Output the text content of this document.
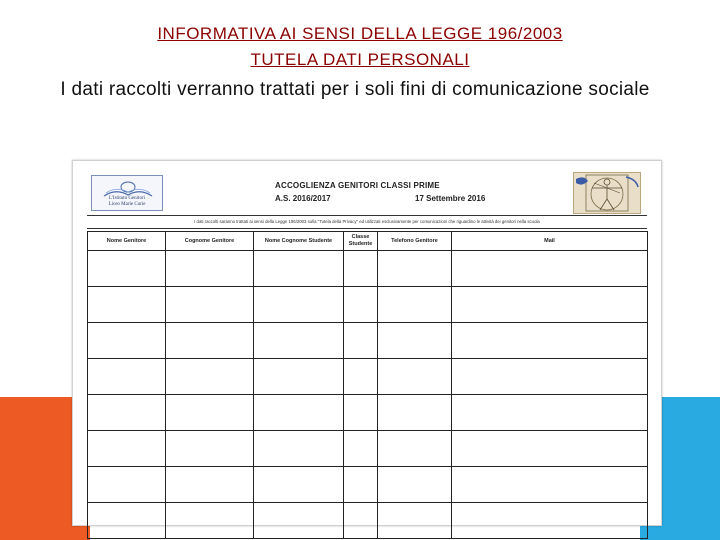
INFORMATIVA AI SENSI DELLA LEGGE 196/2003
TUTELA DATI PERSONALI
I dati raccolti verranno trattati per i soli fini di comunicazione sociale
L'Istituto Genitori
Liceo Marie Curie
ACCOGLIENZA GENITORI CLASSI PRIME
A.S. 2016/2017	17 Settembre 2016
I dati raccolti saranno trattati ai sensi della Legge 196/2003 sulla "Tutela della Privacy" ed utilizzati esclusivamente per comunicazioni che riguardino le attività dei genitori nella scuola
Nome Genitore	Cognome Genitore	Nome Cognome Studente	Classe Studente	Telefono Genitore	Mail
